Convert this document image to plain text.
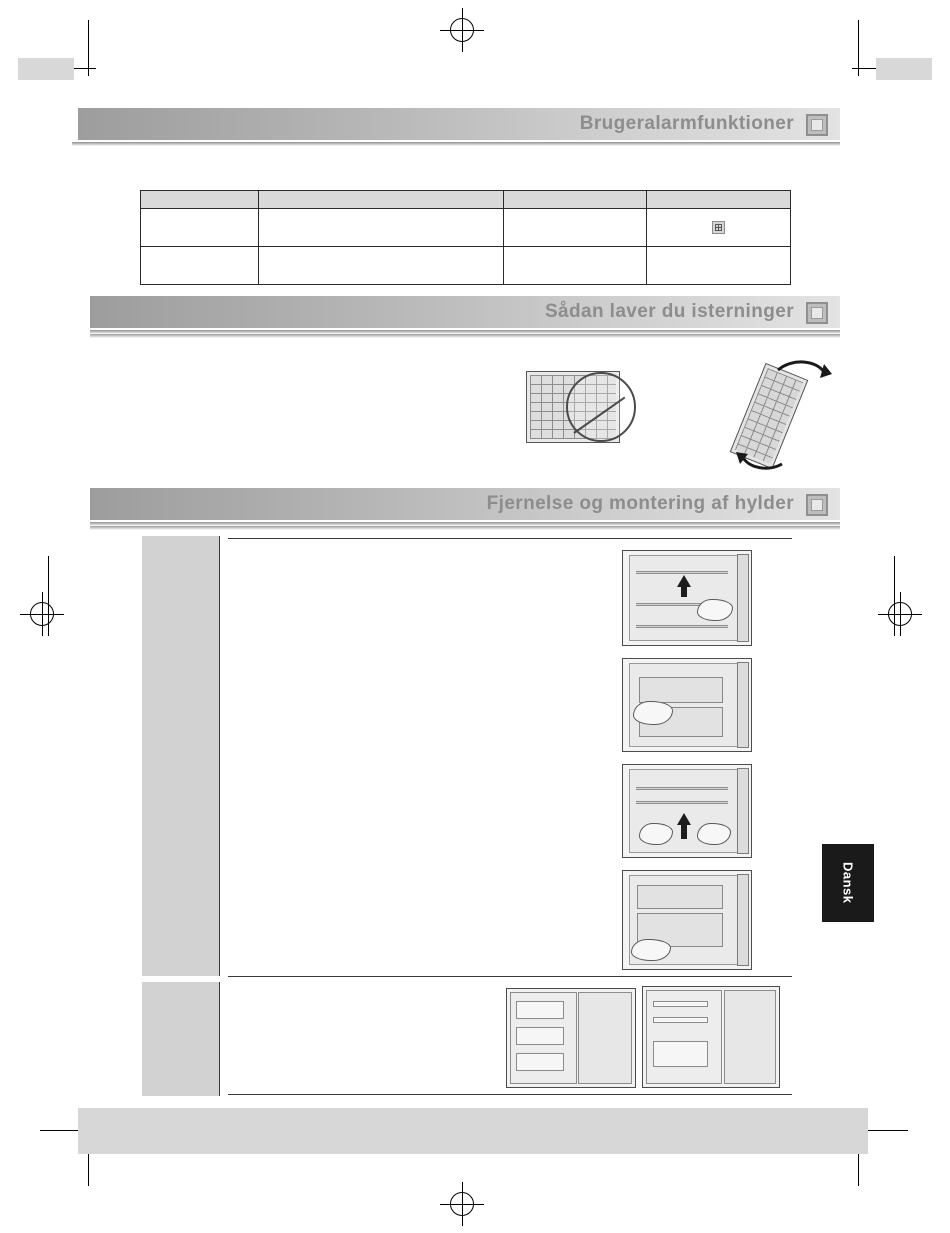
Brugeralarmfunktioner

Sådan laver du isterninger
Fjernelse og montering af hylder
Dansk
